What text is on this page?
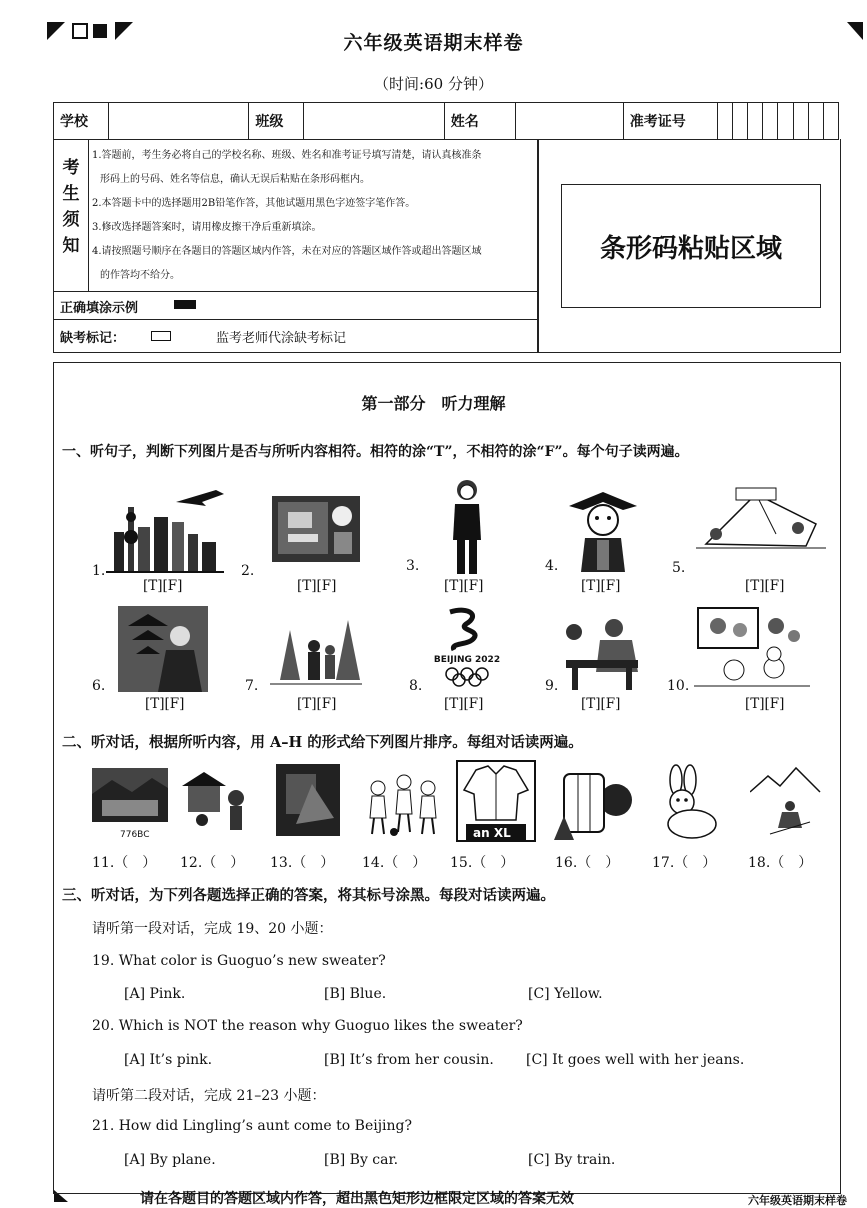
六年级英语期末样卷
（时间:60 分钟）
学校		班级		姓名		准考证号								
考
生
须
知
1.答题前，考生务必将自己的学校名称、班级、姓名和准考证号填写清楚，请认真核准条
形码上的号码、姓名等信息，确认无误后粘贴在条形码框内。
2.本答题卡中的选择题用2B铅笔作答，其他试题用黑色字迹签字笔作答。
3.修改选择题答案时，请用橡皮擦干净后重新填涂。
4.请按照题号顺序在各题目的答题区域内作答，未在对应的答题区域作答或超出答题区域
的作答均不给分。
条形码粘贴区域
正确填涂示例
缺考标记：	监考老师代涂缺考标记
第一部分　听力理解
一、听句子，判断下列图片是否与所听内容相符。相符的涂“T”，不相符的涂“F”。每个句子读两遍。
1.
[T][F]
2.
[T][F]
3.
[T][F]
4.
[T][F]
5.
[T][F]
6.
[T][F]
7.
[T][F]
8.
BEIJING 2022
[T][F]
9.
[T][F]
10.
[T][F]
二、听对话，根据所听内容，用 A–H 的形式给下列图片排序。每组对话读两遍。
776BC	an XL
11.（　） 12.（　） 13.（　） 14.（　） 15.（　）	16.（　） 17.（　） 18.（　）
三、听对话，为下列各题选择正确的答案，将其标号涂黑。每段对话读两遍。
请听第一段对话，完成 19、20 小题：
19. What color is Guoguo’s new sweater?
[A] Pink.	[B] Blue.	[C] Yellow.
20. Which is NOT the reason why Guoguo likes the sweater?
[A] It’s pink.	[B] It’s from her cousin. [C] It goes well with her jeans.
请听第二段对话，完成 21–23 小题：
21. How did Lingling’s aunt come to Beijing?
[A] By plane.	[B] By car.	[C] By train.
请在各题目的答题区域内作答，超出黑色矩形边框限定区域的答案无效	六年级英语期末样卷
